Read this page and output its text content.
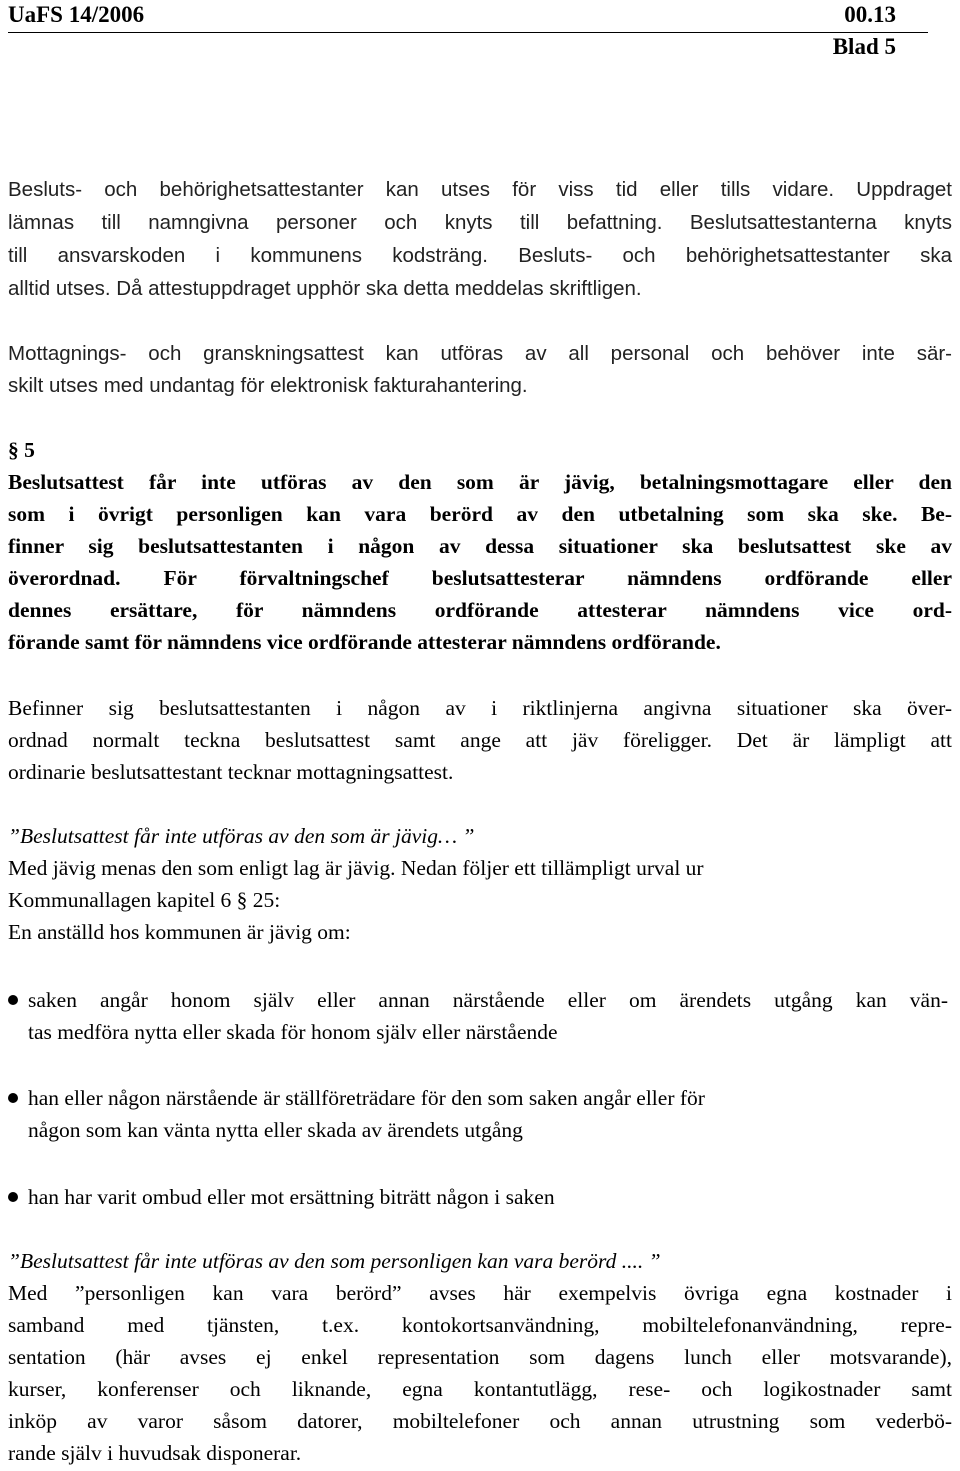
UaFS 14/2006	00.13
Blad 5
Besluts- och behörighetsattestanter kan utses för viss tid eller tills vidare. Uppdraget
lämnas till namngivna personer och knyts till befattning. Beslutsattestanterna knyts
till ansvarskoden i kommunens kodsträng. Besluts- och behörighetsattestanter ska
alltid utses. Då attestuppdraget upphör ska detta meddelas skriftligen.
Mottagnings- och granskningsattest kan utföras av all personal och behöver inte sär-
skilt utses med undantag för elektronisk fakturahantering.
§ 5
Beslutsattest får inte utföras av den som är jävig, betalningsmottagare eller den
som i övrigt personligen kan vara berörd av den utbetalning som ska ske. Be-
finner sig beslutsattestanten i någon av dessa situationer ska beslutsattest ske av
överordnad. För förvaltningschef beslutsattesterar nämndens ordförande eller
dennes ersättare, för nämndens ordförande attesterar nämndens vice ord-
förande samt för nämndens vice ordförande attesterar nämndens ordförande.
Befinner sig beslutsattestanten i någon av i riktlinjerna angivna situationer ska över-
ordnad normalt teckna beslutsattest samt ange att jäv föreligger. Det är lämpligt att
ordinarie beslutsattestant tecknar mottagningsattest.
”Beslutsattest får inte utföras av den som är jävig… ”
Med jävig menas den som enligt lag är jävig. Nedan följer ett tillämpligt urval ur
Kommunallagen kapitel 6 § 25:
En anställd hos kommunen är jävig om:
saken angår honom själv eller annan närstående eller om ärendets utgång kan vän-
tas medföra nytta eller skada för honom själv eller närstående
han eller någon närstående är ställföreträdare för den som saken angår eller för
någon som kan vänta nytta eller skada av ärendets utgång
han har varit ombud eller mot ersättning biträtt någon i saken
”Beslutsattest får inte utföras av den som personligen kan vara berörd .... ”
Med ”personligen kan vara berörd” avses här exempelvis övriga egna kostnader i
samband med tjänsten, t.ex. kontokortsanvändning, mobiltelefonanvändning, repre-
sentation (här avses ej enkel representation som dagens lunch eller motsvarande),
kurser, konferenser och liknande, egna kontantutlägg, rese- och logikostnader samt
inköp av varor såsom datorer, mobiltelefoner och annan utrustning som vederbö-
rande själv i huvudsak disponerar.
